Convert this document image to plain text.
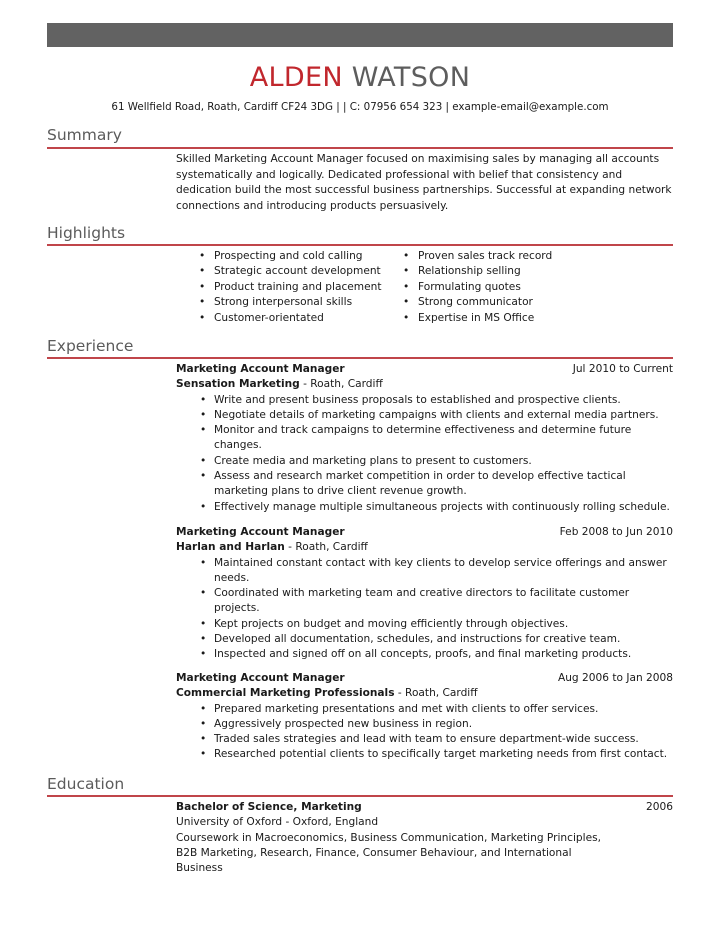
ALDEN WATSON
61 Wellfield Road, Roath, Cardiff CF24 3DG | | C: 07956 654 323 | example-email@example.com
Summary
Skilled Marketing Account Manager focused on maximising sales by managing all accounts systematically and logically. Dedicated professional with belief that consistency and dedication build the most successful business partnerships. Successful at expanding network connections and introducing products persuasively.
Highlights
• Prospecting and cold calling
• Strategic account development
• Product training and placement
• Strong interpersonal skills
• Customer-orientated
• Proven sales track record
• Relationship selling
• Formulating quotes
• Strong communicator
• Expertise in MS Office
Experience
Marketing Account Manager	Jul 2010 to Current
Sensation Marketing - Roath, Cardiff
• Write and present business proposals to established and prospective clients.
• Negotiate details of marketing campaigns with clients and external media partners.
• Monitor and track campaigns to determine effectiveness and determine future changes.
• Create media and marketing plans to present to customers.
• Assess and research market competition in order to develop effective tactical marketing plans to drive client revenue growth.
• Effectively manage multiple simultaneous projects with continuously rolling schedule.
Marketing Account Manager	Feb 2008 to Jun 2010
Harlan and Harlan - Roath, Cardiff
• Maintained constant contact with key clients to develop service offerings and answer needs.
• Coordinated with marketing team and creative directors to facilitate customer projects.
• Kept projects on budget and moving efficiently through objectives.
• Developed all documentation, schedules, and instructions for creative team.
• Inspected and signed off on all concepts, proofs, and final marketing products.
Marketing Account Manager	Aug 2006 to Jan 2008
Commercial Marketing Professionals - Roath, Cardiff
• Prepared marketing presentations and met with clients to offer services.
• Aggressively prospected new business in region.
• Traded sales strategies and lead with team to ensure department-wide success.
• Researched potential clients to specifically target marketing needs from first contact.
Education
Bachelor of Science, Marketing	2006
University of Oxford - Oxford, England
Coursework in Macroeconomics, Business Communication, Marketing Principles, B2B Marketing, Research, Finance, Consumer Behaviour, and International Business
